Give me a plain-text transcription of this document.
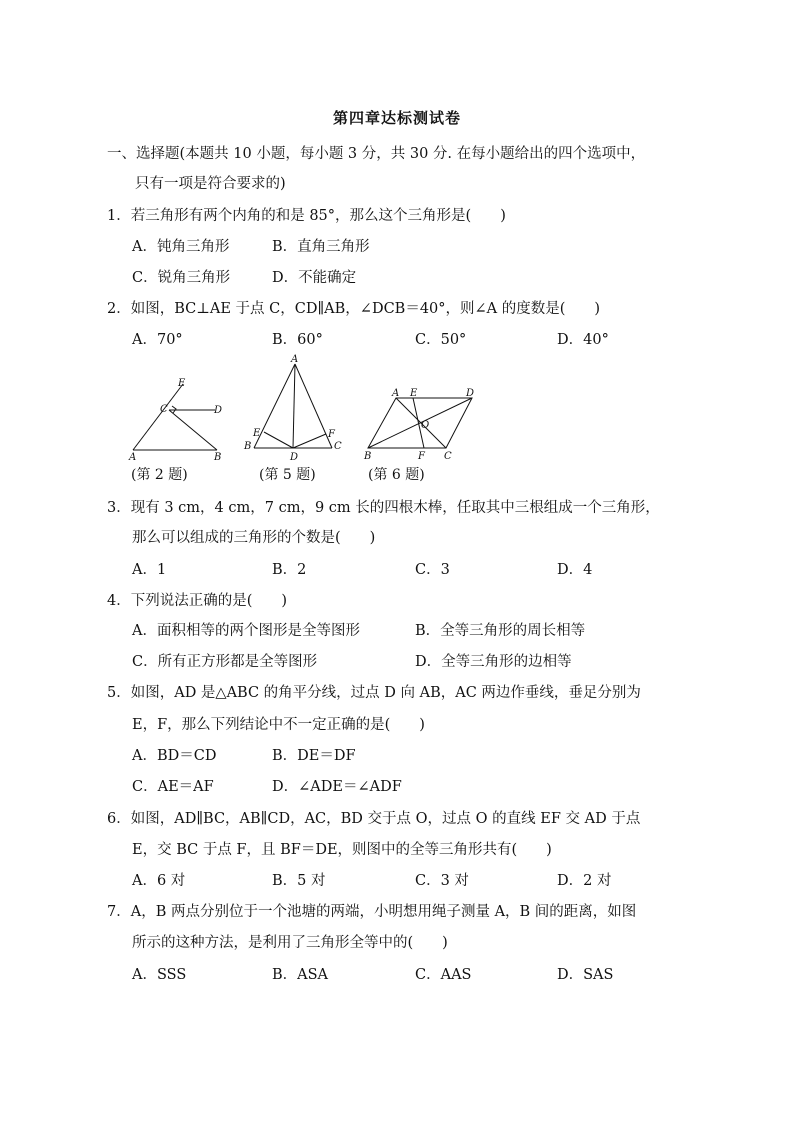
第四章达标测试卷
一、选择题(本题共 10 小题，每小题 3 分，共 30 分. 在每小题给出的四个选项中，
只有一项是符合要求的)
1．若三角形有两个内角的和是 85°，那么这个三角形是(　　)
A．钝角三角形	B．直角三角形
C．锐角三角形	D．不能确定
2．如图，BC⊥AE 于点 C，CD∥AB，∠DCB＝40°，则∠A 的度数是(　　)
A．70°	B．60°	C．50°	D．40°
E
C	D
A	B
A
E	F
B
D
C
A E	D
O
B	F C
(第 2 题)	(第 5 题)	(第 6 题)
3．现有 3 cm，4 cm，7 cm，9 cm 长的四根木棒，任取其中三根组成一个三角形，
那么可以组成的三角形的个数是(　　)
A．1	B．2	C．3	D．4
4．下列说法正确的是(　　)
A．面积相等的两个图形是全等图形	B．全等三角形的周长相等
C．所有正方形都是全等图形	D．全等三角形的边相等
5．如图，AD 是△ABC 的角平分线，过点 D 向 AB，AC 两边作垂线，垂足分别为
E，F，那么下列结论中不一定正确的是(　　)
A．BD＝CD	B．DE＝DF
C．AE＝AF	D．∠ADE＝∠ADF
6．如图，AD∥BC，AB∥CD，AC，BD 交于点 O，过点 O 的直线 EF 交 AD 于点
E，交 BC 于点 F，且 BF＝DE，则图中的全等三角形共有(　　)
A．6 对	B．5 对	C．3 对	D．2 对
7．A，B 两点分别位于一个池塘的两端，小明想用绳子测量 A，B 间的距离，如图
所示的这种方法，是利用了三角形全等中的(　　)
A．SSS	B．ASA	C．AAS	D．SAS
